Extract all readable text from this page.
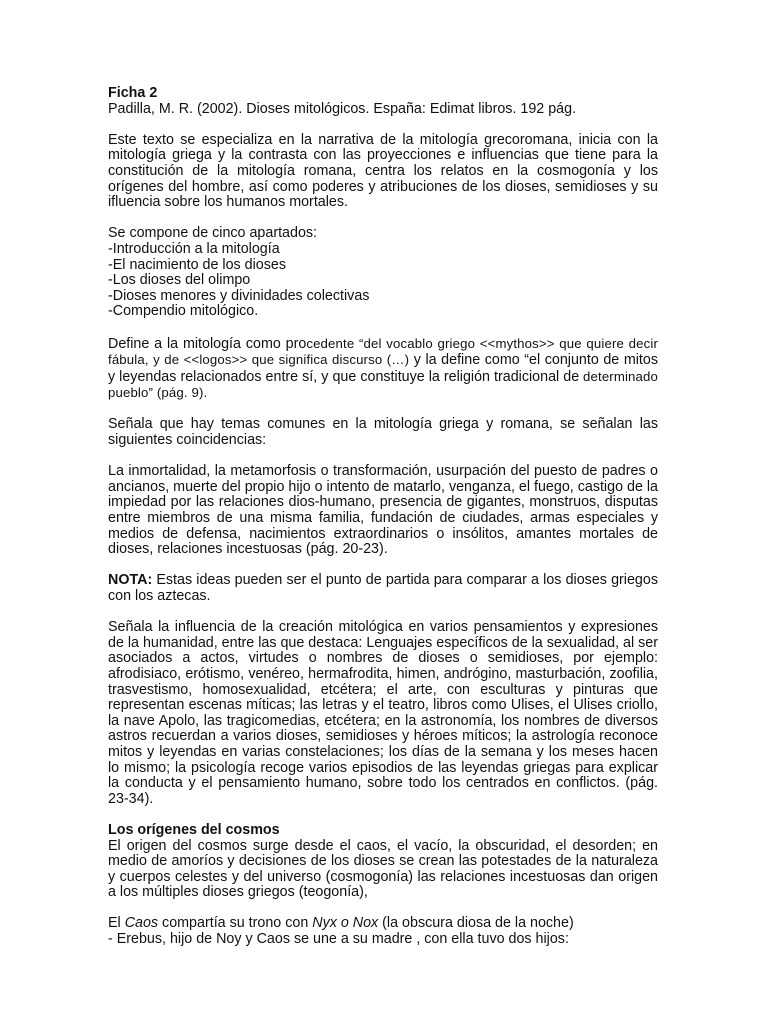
Ficha 2

Padilla, M. R. (2002). Dioses mitológicos. España: Edimat libros. 192 pág.

Este texto se especializa en la narrativa de la mitología grecoromana, inicia con la mitología griega y la contrasta con las proyecciones e influencias que tiene para la constitución de la mitología romana, centra los relatos en la cosmogonía y los orígenes del hombre, así como poderes y atribuciones de los dioses, semidioses y su ifluencia sobre los humanos mortales.

Se compone de cinco apartados:

-Introducción a la mitología

-El nacimiento de los dioses

-Los dioses del olimpo

-Dioses menores y divinidades colectivas

-Compendio mitológico.

Define a la mitología como procedente “del vocablo griego <<mythos>> que quiere decir fábula, y de <<logos>> que significa discurso (…) y la define como “el conjunto de mitos y leyendas relacionados entre sí, y que constituye la religión tradicional de determinado pueblo” (pág. 9).

Señala que hay temas comunes en la mitología griega y romana, se señalan las siguientes coincidencias:

La inmortalidad, la metamorfosis o transformación, usurpación del puesto de padres o ancianos, muerte del propio hijo o intento de matarlo, venganza, el fuego, castigo de la impiedad por las relaciones dios-humano, presencia de gigantes, monstruos, disputas entre miembros de una misma familia, fundación de ciudades, armas especiales y medios de defensa, nacimientos extraordinarios o insólitos, amantes mortales de dioses, relaciones incestuosas (pág. 20-23).

NOTA: Estas ideas pueden ser el punto de partida para comparar a los dioses griegos con los aztecas.

Señala la influencia de la creación mitológica en varios pensamientos y expresiones de la humanidad, entre las que destaca: Lenguajes específicos de la sexualidad, al ser asociados a actos, virtudes o nombres de dioses o semidioses, por ejemplo: afrodisiaco, erótismo, venéreo, hermafrodita, himen, andrógino, masturbación, zoofilia, trasvestismo, homosexualidad, etcétera; el arte, con esculturas y pinturas que representan escenas míticas; las letras y el teatro, libros como Ulises, el Ulises criollo, la nave Apolo, las tragicomedias, etcétera; en la astronomía, los nombres de diversos astros recuerdan a varios dioses, semidioses y héroes míticos; la astrología reconoce mitos y leyendas en varias constelaciones; los días de la semana y los meses hacen lo mismo; la psicología recoge varios episodios de las leyendas griegas para explicar la conducta y el pensamiento humano, sobre todo los centrados en conflictos. (pág. 23-34).

Los orígenes del cosmos

El origen del cosmos surge desde el caos, el vacío, la obscuridad, el desorden; en medio de amoríos y decisiones de los dioses se crean las potestades de la naturaleza y cuerpos celestes y del universo (cosmogonía) las relaciones incestuosas dan origen a los múltiples dioses griegos (teogonía),

El Caos compartía su trono con Nyx o Nox (la obscura diosa de la noche)

- Erebus, hijo de Noy y Caos se une a su madre , con ella tuvo dos hijos:
